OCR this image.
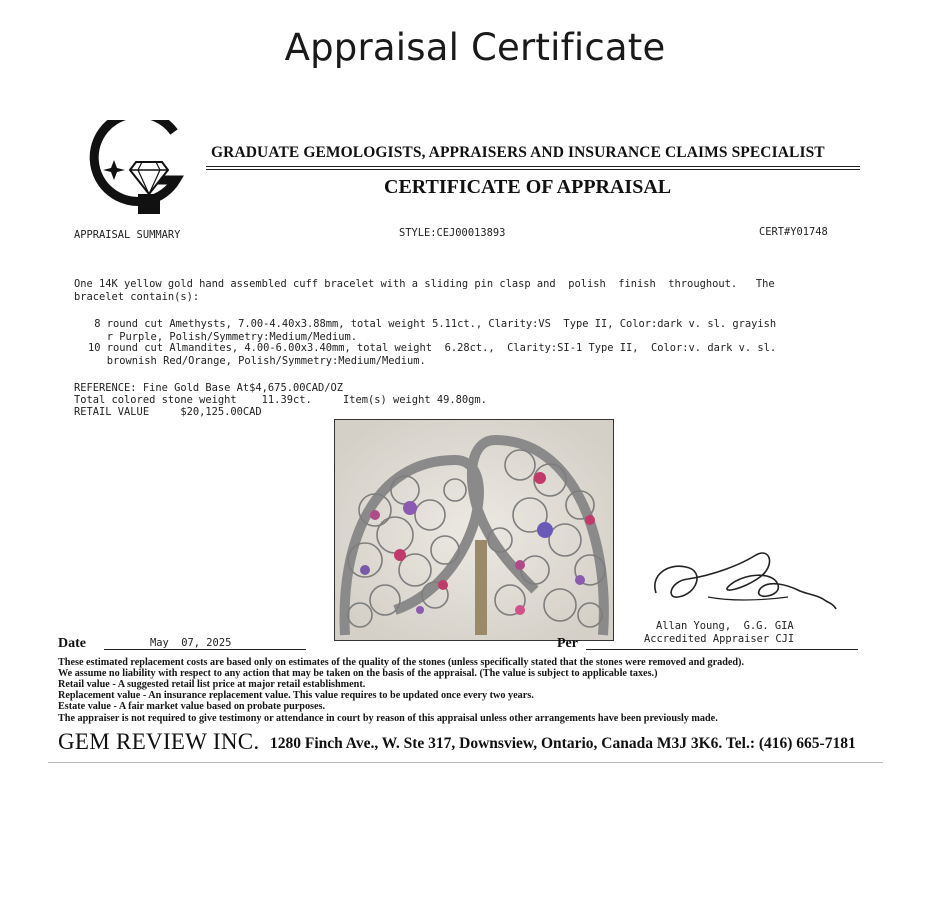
Appraisal Certificate
GRADUATE GEMOLOGISTS, APPRAISERS AND INSURANCE CLAIMS SPECIALIST
CERTIFICATE OF APPRAISAL
APPRAISAL SUMMARY	STYLE:CEJ00013893	CERT#Y01748
One 14K yellow gold hand assembled cuff bracelet with a sliding pin clasp and  polish  finish  throughout.   The
bracelet contain(s):
8 round cut Amethysts, 7.00-4.40x3.88mm, total weight 5.11ct., Clarity:VS  Type II, Color:dark v. sl. grayish
r Purple, Polish/Symmetry:Medium/Medium.
10 round cut Almandites, 4.00-6.00x3.40mm, total weight  6.28ct.,  Clarity:SI-1 Type II,  Color:v. dark v. sl.
brownish Red/Orange, Polish/Symmetry:Medium/Medium.
REFERENCE: Fine Gold Base At$4,675.00CAD/OZ
Total colored stone weight    11.39ct.     Item(s) weight 49.80gm.
RETAIL VALUE     $20,125.00CAD
Date	May  07, 2025	Per
Allan Young,  G.G. GIA
Accredited Appraiser CJI
These estimated replacement costs are based only on estimates of the quality of the stones (unless specifically stated that the stones were removed and graded).
We assume no liability with respect to any action that may be taken on the basis of the appraisal. (The value is subject to applicable taxes.)
Retail value - A suggested retail list price at major retail establishment.
Replacement value - An insurance replacement value. This value requires to be updated once every two years.
Estate value - A fair market value based on probate purposes.
The appraiser is not required to give testimony or attendance in court by reason of this appraisal unless other arrangements have been previously made.
GEM REVIEW INC. 1280 Finch Ave., W. Ste 317, Downsview, Ontario, Canada M3J 3K6. Tel.: (416) 665-7181
